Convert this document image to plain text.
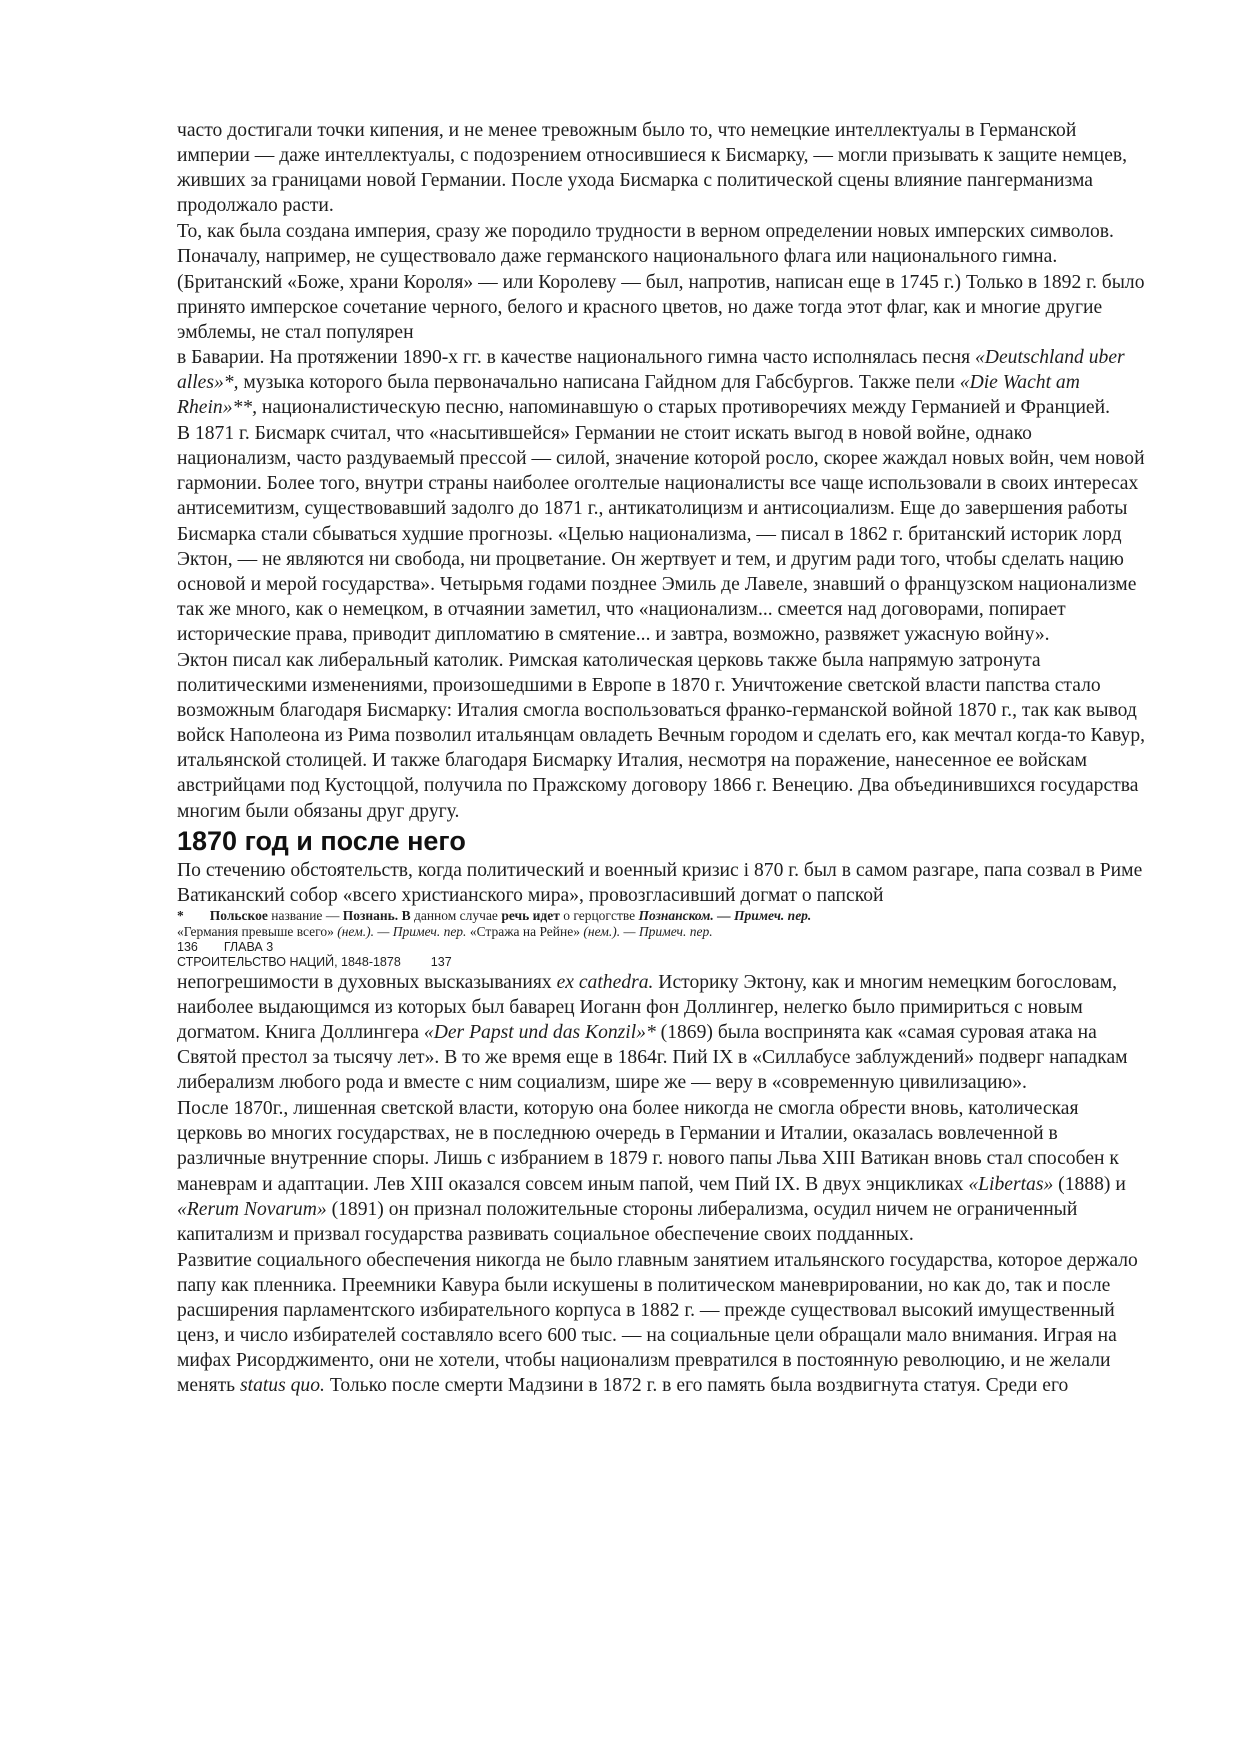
часто достигали точки кипения, и не менее тревожным было то, что немецкие интеллектуалы в Германской империи — даже интеллектуалы, с подозрением относившиеся к Бисмарку, — могли призывать к защите немцев, живших за границами новой Германии. После ухода Бисмарка с политической сцены влияние пангерманизма продолжало расти.

То, как была создана империя, сразу же породило трудности в верном определении новых имперских символов. Поначалу, например, не существовало даже германского национального флага или национального гимна. (Британский «Боже, храни Короля» — или Королеву — был, напротив, написан еще в 1745 г.) Только в 1892 г. было принято имперское сочетание черного, белого и красного цветов, но даже тогда этот флаг, как и многие другие эмблемы, не стал популярен

в Баварии. На протяжении 1890-х гг. в качестве национального гимна часто исполнялась песня «Deutschland uber alles»*, музыка которого была первоначально написана Гайдном для Габсбургов. Также пели «Die Wacht am Rhein»**, националистическую песню, напоминавшую о старых противоречиях между Германией и Францией.

В 1871 г. Бисмарк считал, что «насытившейся» Германии не стоит искать выгод в новой войне, однако национализм, часто раздуваемый прессой — силой, значение которой росло, скорее жаждал новых войн, чем новой гармонии. Более того, внутри страны наиболее оголтелые националисты все чаще использовали в своих интересах антисемитизм, существовавший задолго до 1871 г., антикатолицизм и антисоциализм. Еще до завершения работы Бисмарка стали сбываться худшие прогнозы. «Целью национализма, — писал в 1862 г. британский историк лорд Эктон, — не являются ни свобода, ни процветание. Он жертвует и тем, и другим ради того, чтобы сделать нацию основой и мерой государства». Четырьмя годами позднее Эмиль де Лавеле, знавший о французском национализме так же много, как о немецком, в отчаянии заметил, что «национализм... смеется над договорами, попирает исторические права, приводит дипломатию в смятение... и завтра, возможно, развяжет ужасную войну».

Эктон писал как либеральный католик. Римская католическая церковь также была напрямую затронута политическими изменениями, произошедшими в Европе в 1870 г. Уничтожение светской власти папства стало возможным благодаря Бисмарку: Италия смогла воспользоваться франко-германской войной 1870 г., так как вывод войск Наполеона из Рима позволил итальянцам овладеть Вечным городом и сделать его, как мечтал когда-то Кавур, итальянской столицей. И также благодаря Бисмарку Италия, несмотря на поражение, нанесенное ее войскам австрийцами под Кустоццой, получила по Пражскому договору 1866 г. Венецию. Два объединившихся государства многим были обязаны друг другу.

1870 год и после него

По стечению обстоятельств, когда политический и военный кризис і 870 г. был в самом разгаре, папа созвал в Риме Ватиканский собор «всего христианского мира», провозгласивший догмат о папской

* Польское название — Познань. В данном случае речь идет о герцогстве Познанском. — Примеч. пер.
«Германия превыше всего» (нем.). — Примеч. пер. «Стража на Рейне» (нем.). — Примеч. пер.
136 ГЛАВА 3
СТРОИТЕЛЬСТВО НАЦИЙ, 1848-1878 137

непогрешимости в духовных высказываниях ex cathedra. Историку Эктону, как и многим немецким богословам, наиболее выдающимся из которых был баварец Иоганн фон Доллингер, нелегко было примириться с новым догматом. Книга Доллингера «Der Papst und das Konzil»* (1869) была воспринята как «самая суровая атака на Святой престол за тысячу лет». В то же время еще в 1864г. Пий IX в «Силлабусе заблуждений» подверг нападкам либерализм любого рода и вместе с ним социализм, шире же — веру в «современную цивилизацию».

После 1870г., лишенная светской власти, которую она более никогда не смогла обрести вновь, католическая церковь во многих государствах, не в последнюю очередь в Германии и Италии, оказалась вовлеченной в различные внутренние споры. Лишь с избранием в 1879 г. нового папы Льва XIII Ватикан вновь стал способен к маневрам и адаптации. Лев XIII оказался совсем иным папой, чем Пий IX. В двух энцикликах «Libertas» (1888) и «Rerum Novarum» (1891) он признал положительные стороны либерализма, осудил ничем не ограниченный капитализм и призвал государства развивать социальное обеспечение своих подданных.

Развитие социального обеспечения никогда не было главным занятием итальянского государства, которое держало папу как пленника. Преемники Кавура были искушены в политическом маневрировании, но как до, так и после расширения парламентского избирательного корпуса в 1882 г. — прежде существовал высокий имущественный ценз, и число избирателей составляло всего 600 тыс. — на социальные цели обращали мало внимания. Играя на мифах Рисорджименто, они не хотели, чтобы национализм превратился в постоянную революцию, и не желали менять status quo. Только после смерти Мадзини в 1872 г. в его память была воздвигнута статуя. Среди его
